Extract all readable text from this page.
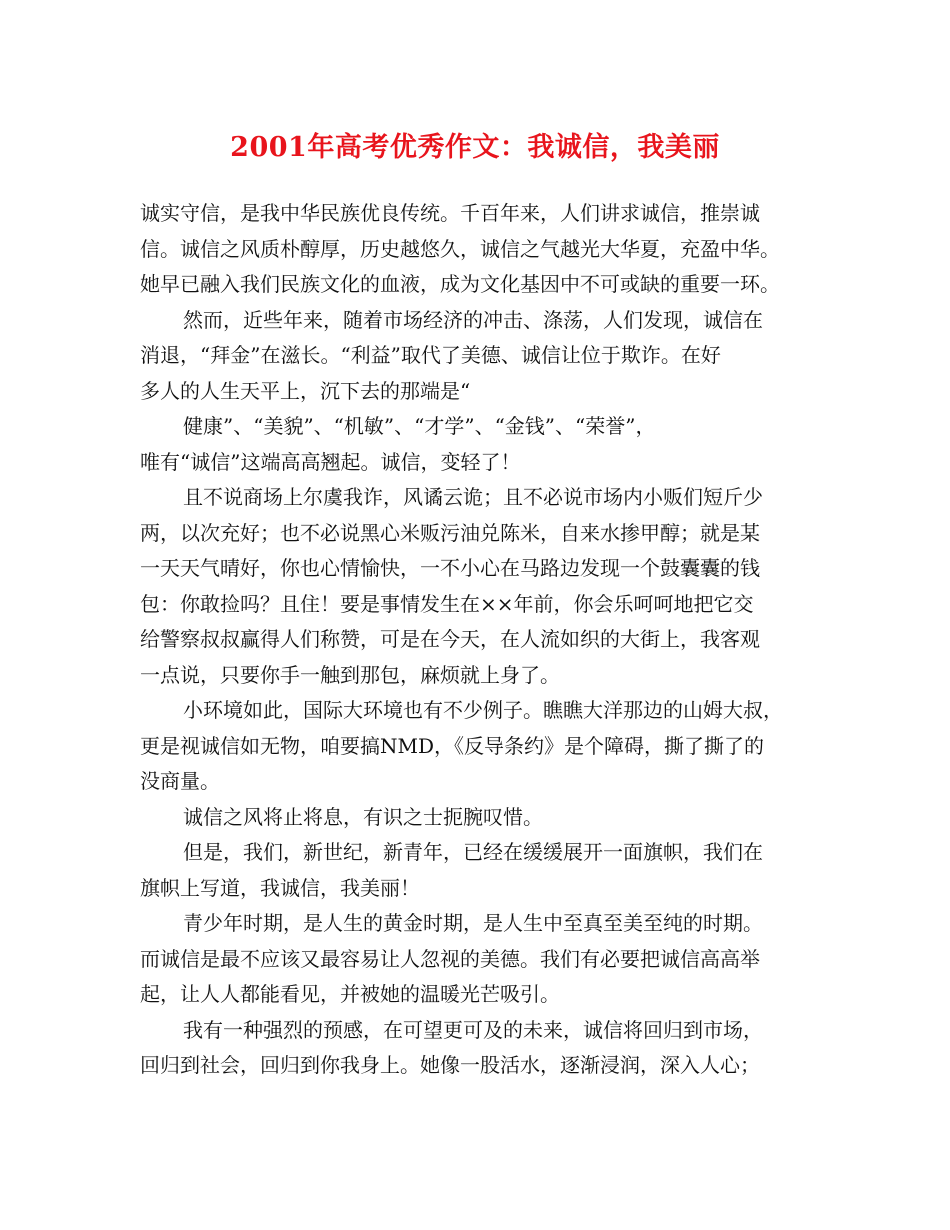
2001年高考优秀作文：我诚信，我美丽
诚实守信，是我中华民族优良传统。千百年来，人们讲求诚信，推崇诚
信。诚信之风质朴醇厚，历史越悠久，诚信之气越光大华夏，充盈中华。
她早已融入我们民族文化的血液，成为文化基因中不可或缺的重要一环。
然而，近些年来，随着市场经济的冲击、涤荡，人们发现，诚信在
消退，“拜金”在滋长。“利益”取代了美德、诚信让位于欺诈。在好
多人的人生天平上，沉下去的那端是“
健康”、“美貌”、“机敏”、“才学”、“金钱”、“荣誉”，
唯有“诚信”这端高高翘起。诚信，变轻了！
且不说商场上尔虞我诈，风谲云诡；且不必说市场内小贩们短斤少
两，以次充好；也不必说黑心米贩污油兑陈米，自来水掺甲醇；就是某
一天天气晴好，你也心情愉快，一不小心在马路边发现一个鼓囊囊的钱
包：你敢捡吗？且住！要是事情发生在××年前，你会乐呵呵地把它交
给警察叔叔赢得人们称赞，可是在今天，在人流如织的大街上，我客观
一点说，只要你手一触到那包，麻烦就上身了。
小环境如此，国际大环境也有不少例子。瞧瞧大洋那边的山姆大叔，
更是视诚信如无物，咱要搞NMD，《反导条约》是个障碍，撕了撕了的
没商量。
诚信之风将止将息，有识之士扼腕叹惜。
但是，我们，新世纪，新青年，已经在缓缓展开一面旗帜，我们在
旗帜上写道，我诚信，我美丽！
青少年时期，是人生的黄金时期，是人生中至真至美至纯的时期。
而诚信是最不应该又最容易让人忽视的美德。我们有必要把诚信高高举
起，让人人都能看见，并被她的温暖光芒吸引。
我有一种强烈的预感，在可望更可及的未来，诚信将回归到市场，
回归到社会，回归到你我身上。她像一股活水，逐渐浸润，深入人心；
